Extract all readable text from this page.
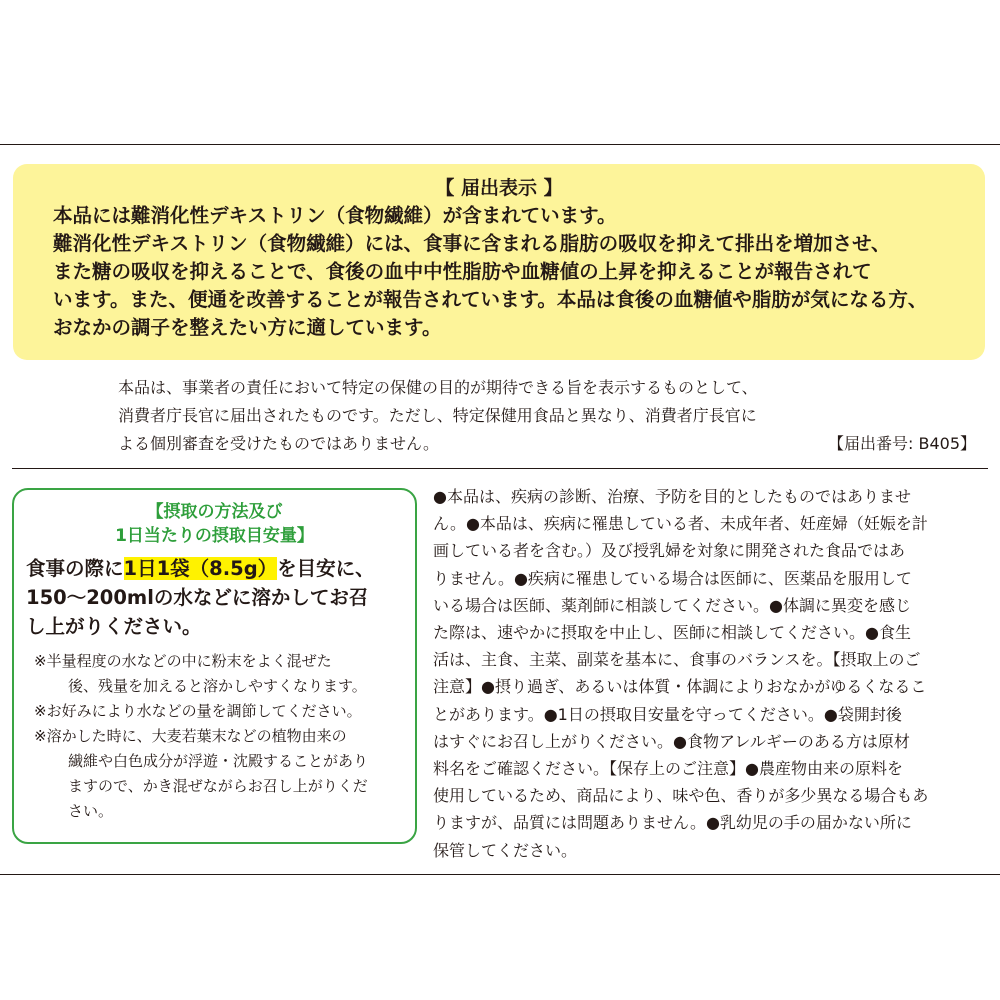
【 届出表示 】
本品には難消化性デキストリン（食物繊維）が含まれています。
難消化性デキストリン（食物繊維）には、食事に含まれる脂肪の吸収を抑えて排出を増加させ、
また糖の吸収を抑えることで、食後の血中中性脂肪や血糖値の上昇を抑えることが報告されて
います。また、便通を改善することが報告されています。本品は食後の血糖値や脂肪が気になる方、
おなかの調子を整えたい方に適しています。
本品は、事業者の責任において特定の保健の目的が期待できる旨を表示するものとして、
消費者庁長官に届出されたものです。ただし、特定保健用食品と異なり、消費者庁長官に
よる個別審査を受けたものではありません。	【届出番号: B405】
【摂取の方法及び
1日当たりの摂取目安量】
食事の際に1日1袋（8.5g）を目安に、
150〜200mlの水などに溶かしてお召
し上がりください。
※半量程度の水などの中に粉末をよく混ぜた
後、残量を加えると溶かしやすくなります。
※お好みにより水などの量を調節してください。
※溶かした時に、大麦若葉末などの植物由来の
繊維や白色成分が浮遊・沈殿することがあり
ますので、かき混ぜながらお召し上がりくだ
さい。
●本品は、疾病の診断、治療、予防を目的としたものではありませ
ん。●本品は、疾病に罹患している者、未成年者、妊産婦（妊娠を計
画している者を含む。）及び授乳婦を対象に開発された食品ではあ
りません。●疾病に罹患している場合は医師に、医薬品を服用して
いる場合は医師、薬剤師に相談してください。●体調に異変を感じ
た際は、速やかに摂取を中止し、医師に相談してください。●食生
活は、主食、主菜、副菜を基本に、食事のバランスを。【摂取上のご
注意】●摂り過ぎ、あるいは体質・体調によりおなかがゆるくなるこ
とがあります。●1日の摂取目安量を守ってください。●袋開封後
はすぐにお召し上がりください。●食物アレルギーのある方は原材
料名をご確認ください。【保存上のご注意】●農産物由来の原料を
使用しているため、商品により、味や色、香りが多少異なる場合もあ
りますが、品質には問題ありません。●乳幼児の手の届かない所に
保管してください。
